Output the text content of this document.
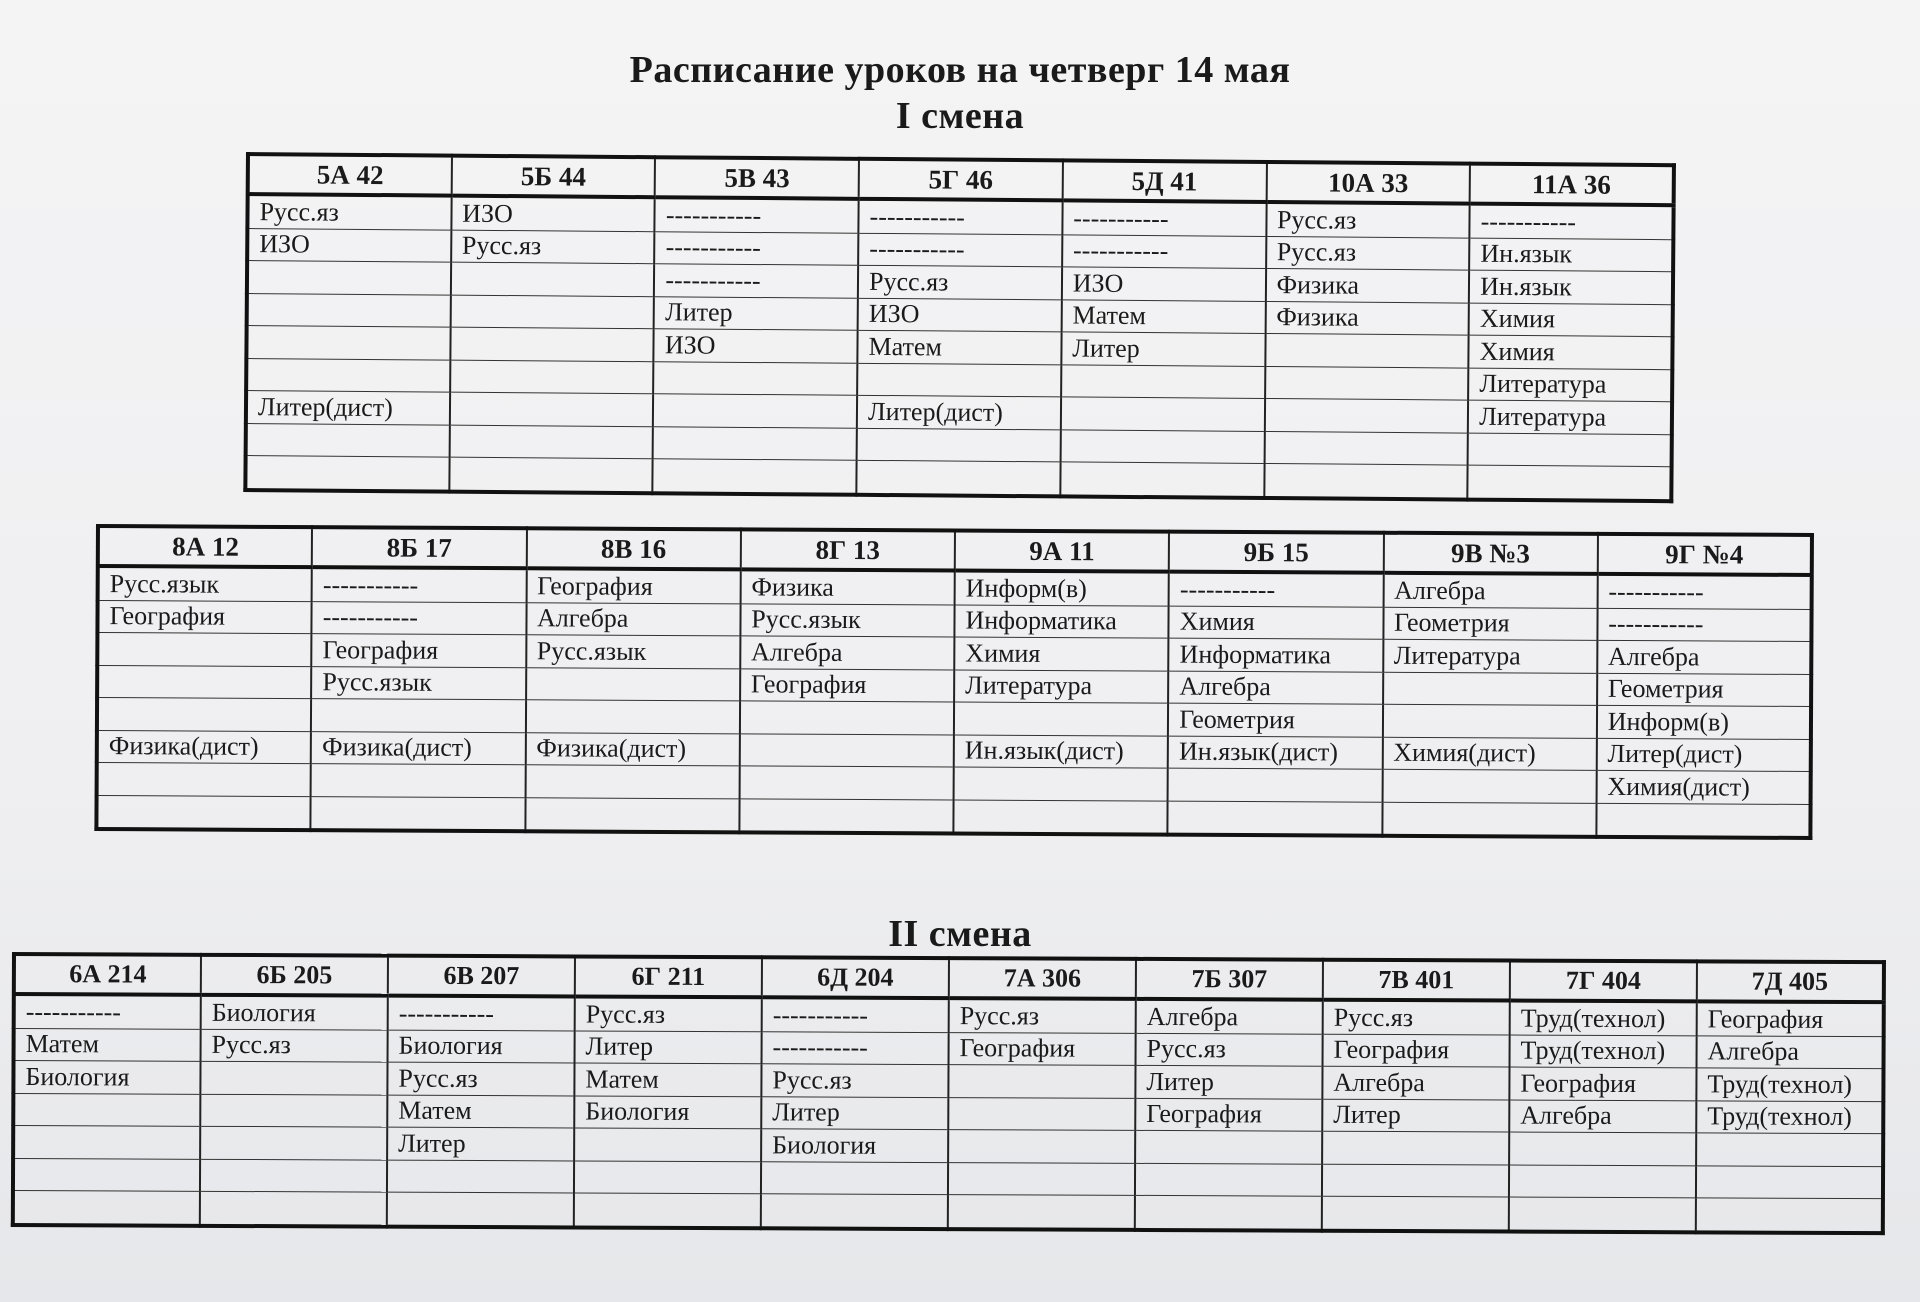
Расписание уроков на четверг 14 мая
I смена
5А 42	5Б 44	5В 43	5Г 46	5Д 41	10А 33	11А 36
Русс.яз	ИЗО	-----------	-----------	-----------	Русс.яз	-----------
ИЗО	Русс.яз	-----------	-----------	-----------	Русс.яз	Ин.язык
		-----------	Русс.яз	ИЗО	Физика	Ин.язык
		Литер	ИЗО	Матем	Физика	Химия
		ИЗО	Матем	Литер		Химия
						Литература
Литер(дист)			Литер(дист)			Литература

8А 12	8Б 17	8В 16	8Г 13	9А 11	9Б 15	9В №3	9Г №4
Русс.язык	-----------	География	Физика	Информ(в)	-----------	Алгебра	-----------
География	-----------	Алгебра	Русс.язык	Информатика	Химия	Геометрия	-----------
	География	Русс.язык	Алгебра	Химия	Информатика	Литература	Алгебра
	Русс.язык		География	Литература	Алгебра		Геометрия
					Геометрия		Информ(в)
Физика(дист)	Физика(дист)	Физика(дист)		Ин.язык(дист)	Ин.язык(дист)	Химия(дист)	Литер(дист)
							Химия(дист)

II смена
6А 214	6Б 205	6В 207	6Г 211	6Д 204	7А 306	7Б 307	7В 401	7Г 404	7Д 405
-----------	Биология	-----------	Русс.яз	-----------	Русс.яз	Алгебра	Русс.яз	Труд(технол)	География
Матем	Русс.яз	Биология	Литер	-----------	География	Русс.яз	География	Труд(технол)	Алгебра
Биология		Русс.яз	Матем	Русс.яз		Литер	Алгебра	География	Труд(технол)
		Матем	Биология	Литер		География	Литер	Алгебра	Труд(технол)
		Литер		Биология					
